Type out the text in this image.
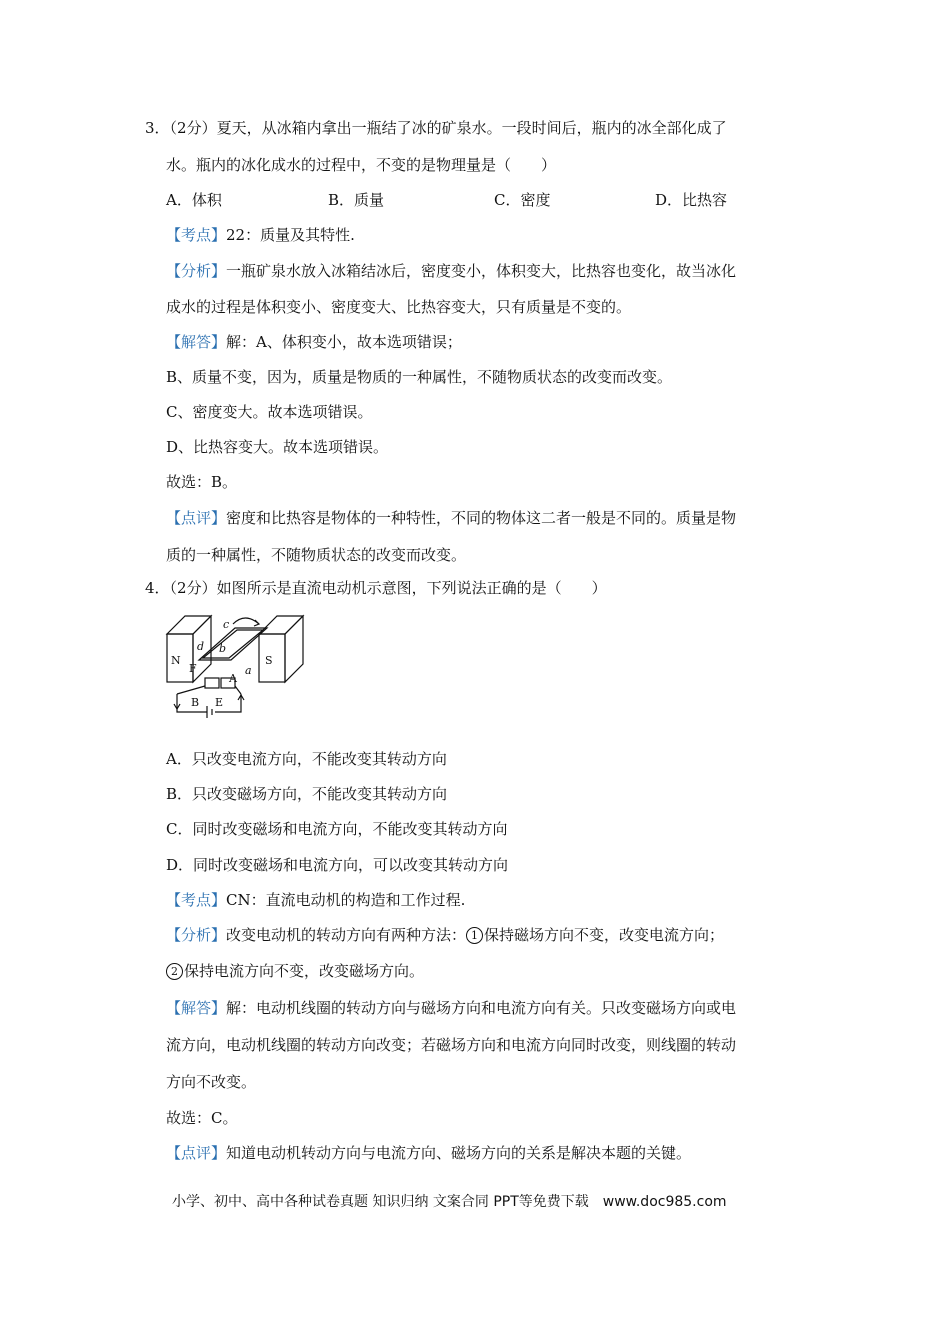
3．（2分）夏天，从冰箱内拿出一瓶结了冰的矿泉水。一段时间后，瓶内的冰全部化成了
水。瓶内的冰化成水的过程中，不变的是物理量是（　　）
A．体积	B．质量	C．密度	D．比热容
【考点】22：质量及其特性.
【分析】一瓶矿泉水放入冰箱结冰后，密度变小，体积变大，比热容也变化，故当冰化
成水的过程是体积变小、密度变大、比热容变大，只有质量是不变的。
【解答】解：A、体积变小，故本选项错误；
B、质量不变，因为，质量是物质的一种属性，不随物质状态的改变而改变。
C、密度变大。故本选项错误。
D、比热容变大。故本选项错误。
故选：B。
【点评】密度和比热容是物体的一种特性，不同的物体这二者一般是不同的。质量是物
质的一种属性，不随物质状态的改变而改变。
4．（2分）如图所示是直流电动机示意图，下列说法正确的是（　　）
N	S
c
d b
a
F
A
B E
A．只改变电流方向，不能改变其转动方向
B．只改变磁场方向，不能改变其转动方向
C．同时改变磁场和电流方向，不能改变其转动方向
D．同时改变磁场和电流方向，可以改变其转动方向
【考点】CN：直流电动机的构造和工作过程.
【分析】改变电动机的转动方向有两种方法： 1 保持磁场方向不变，改变电流方向；
2 保持电流方向不变，改变磁场方向。
【解答】解：电动机线圈的转动方向与磁场方向和电流方向有关。只改变磁场方向或电
流方向，电动机线圈的转动方向改变；若磁场方向和电流方向同时改变，则线圈的转动
方向不改变。
故选：C。
【点评】知道电动机转动方向与电流方向、磁场方向的关系是解决本题的关键。
小学、初中、高中各种试卷真题 知识归纳 文案合同 PPT等免费下载　www.doc985.com
